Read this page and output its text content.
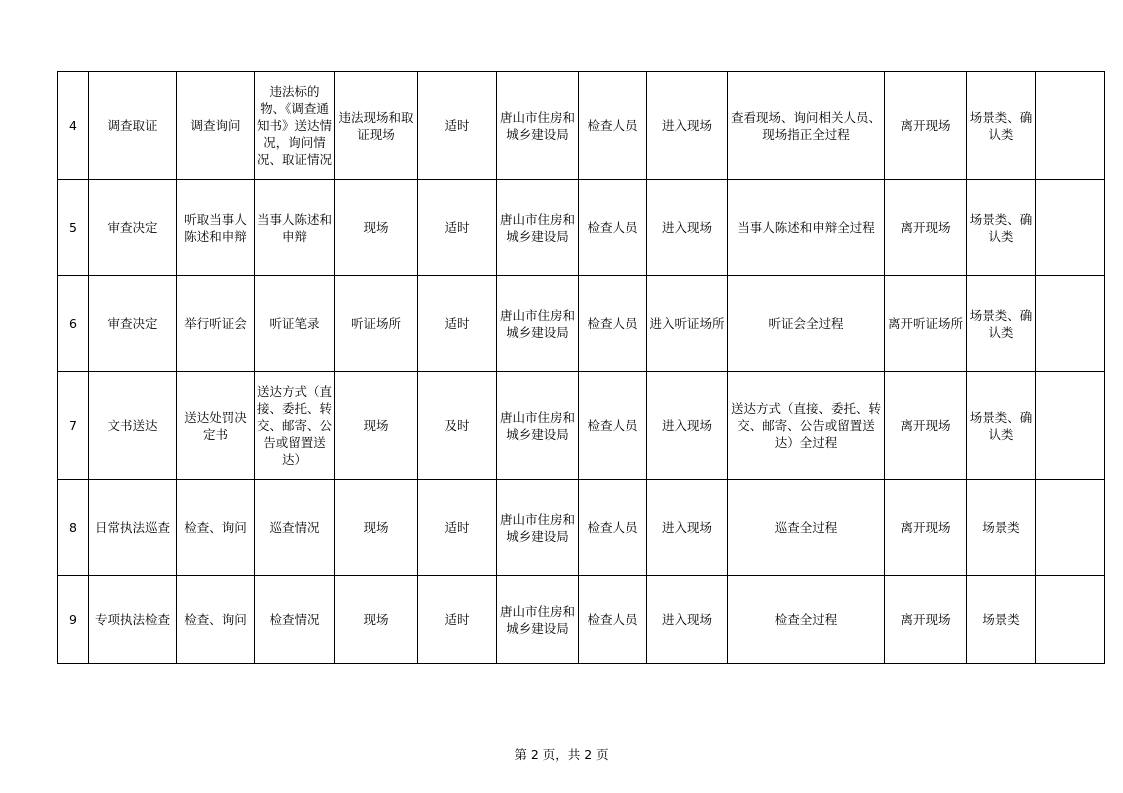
4	调查取证	调查询问	违法标的物、《调查通知书》送达情况，询问情况、取证情况	违法现场和取证现场	适时	唐山市住房和城乡建设局	检查人员	进入现场	查看现场、询问相关人员、现场指正全过程	离开现场	场景类、确认类	
5	审查决定	听取当事人陈述和申辩	当事人陈述和申辩	现场	适时	唐山市住房和城乡建设局	检查人员	进入现场	当事人陈述和申辩全过程	离开现场	场景类、确认类	
6	审查决定	举行听证会	听证笔录	听证场所	适时	唐山市住房和城乡建设局	检查人员	进入听证场所	听证会全过程	离开听证场所	场景类、确认类	
7	文书送达	送达处罚决定书	送达方式（直接、委托、转交、邮寄、公告或留置送达）	现场	及时	唐山市住房和城乡建设局	检查人员	进入现场	送达方式（直接、委托、转交、邮寄、公告或留置送达）全过程	离开现场	场景类、确认类	
8	日常执法巡查	检查、询问	巡查情况	现场	适时	唐山市住房和城乡建设局	检查人员	进入现场	巡查全过程	离开现场	场景类	
9	专项执法检查	检查、询问	检查情况	现场	适时	唐山市住房和城乡建设局	检查人员	进入现场	检查全过程	离开现场	场景类	
第 2 页，共 2 页
